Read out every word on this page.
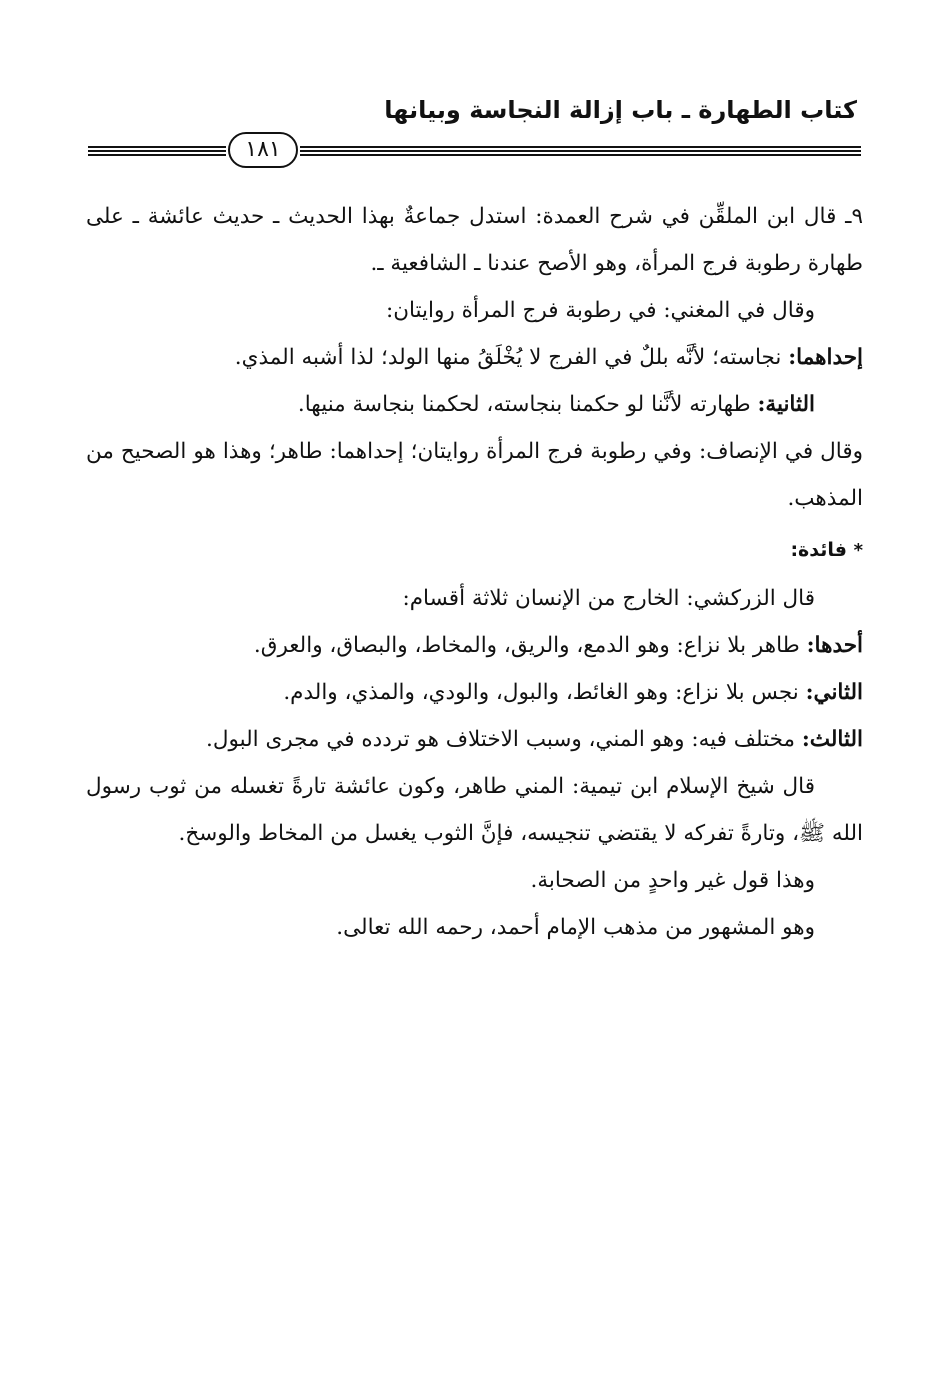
كتاب الطهارة ـ باب إزالة النجاسة وبيانها
١٨١

٩ـ قال ابن الملقِّن في شرح العمدة: استدل جماعةٌ بهذا الحديث ـ حديث عائشة ـ على طهارة رطوبة فرج المرأة، وهو الأصح عندنا ـ الشافعية ـ.

وقال في المغني: في رطوبة فرج المرأة روايتان:

إحداهما: نجاسته؛ لأنَّه بللٌ في الفرج لا يُخْلَقُ منها الولد؛ لذا أشبه المذي.

الثانية: طهارته لأنَّنا لو حكمنا بنجاسته، لحكمنا بنجاسة منيها.

وقال في الإنصاف: وفي رطوبة فرج المرأة روايتان؛ إحداهما: طاهر؛ وهذا هو الصحيح من المذهب.

* فائدة:

قال الزركشي: الخارج من الإنسان ثلاثة أقسام:

أحدها: طاهر بلا نزاع: وهو الدمع، والريق، والمخاط، والبصاق، والعرق.

الثاني: نجس بلا نزاع: وهو الغائط، والبول، والودي، والمذي، والدم.

الثالث: مختلف فيه: وهو المني، وسبب الاختلاف هو تردده في مجرى البول.

قال شيخ الإسلام ابن تيمية: المني طاهر، وكون عائشة تارةً تغسله من ثوب رسول الله ﷺ، وتارةً تفركه لا يقتضي تنجيسه، فإنَّ الثوب يغسل من المخاط والوسخ.

وهذا قول غير واحدٍ من الصحابة.

وهو المشهور من مذهب الإمام أحمد، رحمه الله تعالى.
